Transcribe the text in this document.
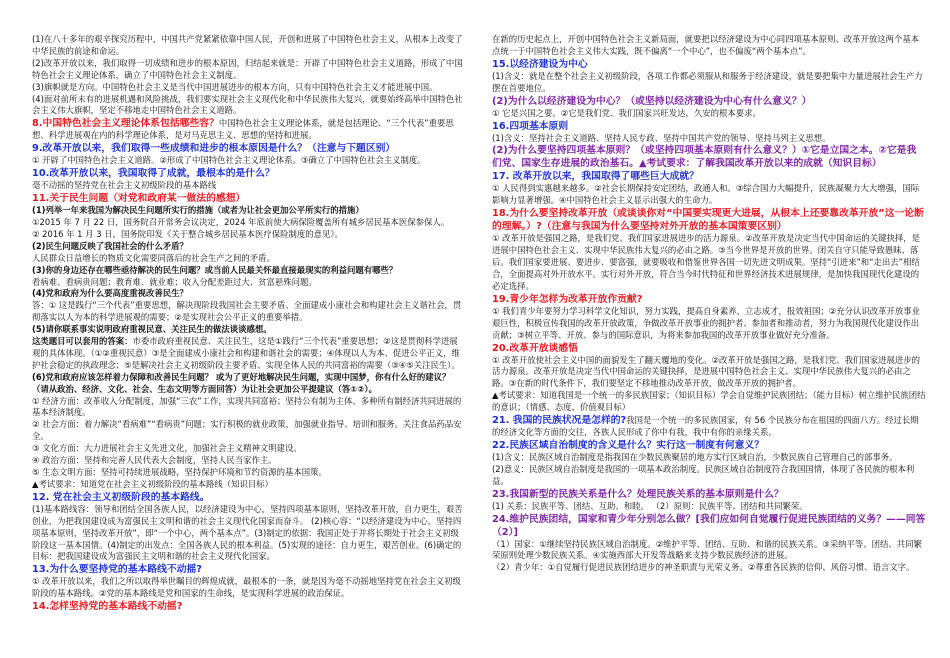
(1)在八十多年的艰辛探究历程中，中国共产党紧紧依靠中国人民，开创和进展了中国特色社会主义，从根本上改变了中华民族的前途和命运。

(2)改革开放以来，我们取得一切成绩和进步的根本原因，归结起来就是：开辟了中国特色社会主义道路，形成了中国特色社会主义理论体系，确立了中国特色社会主义制度。

(3)旗帜就是方向。中国特色社会主义是当代中国进展进步的根本方向，只有中国特色社会主义才能进展中国。

(4)面对前所未有的进展机遇和风险挑战，我们要实现社会主义现代化和中华民族伟大复兴，就要始终高举中国特色社会主义伟大旗帜，坚定不移地走中国特色社会主义道路。

8.中国特色社会主义理论体系包括哪些容？中国特色社会主义理论体系，就是包括理论、“三个代表”重要思想、科学进展观在内的科学理论体系，是对马克思主义、思想的坚持和进展。

9.改革开放以来，我们取得一些成绩和进步的根本原因是什么？（注意与下题区别）

① 开辟了中国特色社会主义道路。②形成了中国特色社会主义理论体系。③确立了中国特色社会主义制度。

10.改革开放以来，我国取得了成就，最根本的是什么？

毫不动摇的坚持党在社会主义初级阶段的基本路线

11.关于民生问题（对党和政府某一做法的感想）

(1)列举一年来我国为解决民生问题所实行的措施（或者为让社会更加公平所实行的措施）

①2015 年 7 月 22 日，国务院召开常务会议决定，2024 年底前使大病保险覆盖所有城乡居民基本医保参保人。

② 2016 年 1 月 3 日，国务院印发《关于整合城乡居民基本医疗保险制度的意见》。

(2)民生问题反映了我国社会的什么矛盾？

人民群众日益增长的物质文化需要同落后的社会生产之间的矛盾。

(3)你的身边还存在哪些亟待解决的民生问题？或当前人民最关怀最直接最现实的利益问题有哪些？

看病难、看病贵问题；教育难、就业难；收入分配差距过大、贫富悬殊问题。

(4)党和政府为什么要高度重视改善民生？

答：① 这是践行“三个代表”重要思想，解决现阶段我国社会主要矛盾、全面建成小康社会和构建社会主义谐社会，贯彻落实以人为本的科学进展观的需要；②是实现社会公平正义的重要举措。

(5)请你联系事实说明政府重视民意、关注民生的做法谈谈感想。

这类题目可以套用的答案：市委市政府重视民意、关注民生，这是①践行“三个代表”重要思想；②这是贯彻科学进展观的具体体现。（①②重视民意）③是全面建成小康社会和构建和谐社会的需要；④体现以人为本、促进公平正义，维护社会稳定的执政理念；⑤是解决社会主义初级阶段主要矛盾、实现全体人民的共同富裕的需要（③④⑤关注民生）。

(6)党和政府应该怎样着力保障和改善民生问题？ 或为了更好地解决民生问题，实现中国梦，你有什么好的建议？ （请从政治、经济、文化、社会、生态文明等方面回答）为让社会更加公平提建议（答①②）。

① 经济方面：改革收入分配制度，加强“三农”工作，实现共同富裕；坚持公有制为主体、多种所有制经济共同进展的基本经济制度。

② 社会方面：着力解决“看病难”“看病贵”问题；实行积极的就业政策，加强就业指导、培训和服务。关注食品药品安全。

③ 文化方面：大力进展社会主义先进文化，加强社会主义精神文明建设。

④ 政治方面：坚持和完善人民代表大会制度，坚持人民当家作主。

⑤ 生态文明方面：坚持可持续进展战略，坚持保护环境和节约资源的基本国策。

▲考试要求：知道党在社会主义初级阶段的基本路线（知识目标）

12. 党在社会主义初级阶段的基本路线。

(1)基本路线容：领导和团结全国各族人民，以经济建设为中心，坚持四项基本原则，坚持改革开放，自力更生，艰苦创业，为把我国建设成为富强民主文明和谐的社会主义现代化国家而奋斗。 (2)核心容：“以经济建设为中心，坚持四项基本原则，坚持改革开放”，即“一个中心，两个基本点”。(3)制定的依据：我国正处于并将长期处于社会主义初级阶段这一基本国情。(4)制定的出发点：全国各族人民的根本利益。(5)实现的途径：自力更生，艰苦创业。(6)确定的目标：把我国建设成为富强民主文明和谐的社会主义现代化国家。

13.为什么要坚持党的基本路线不动摇?

① 改革开放以来，我们之所以取得举世瞩目的辉煌成就，最根本的一条，就是因为毫不动摇地坚持党在社会主义初级阶段的基本路线。②党的基本路线是党和国家的生命线，是实现科学进展的政治保证。

14.怎样坚持党的基本路线不动摇?

在新的历史起点上，开创中国特色社会主义新局面，就要把以经济建设为中心同四项基本原则、改革开放这两个基本点统一于中国特色社会主义伟大实践，既不偏离“一个中心”，也不偏废“两个基本点”。

15.以经济建设为中心

(1)含义：就是在整个社会主义初级阶段，各项工作都必须服从和服务于经济建设，就是要把集中力量进展社会生产力摆在首要地位。

(2)为什么以经济建设为中心？（或坚持以经济建设为中心有什么意义？）

① 它是兴国之要。②它是我们党、我们国家兴旺发达，久安的根本要求。

16.四项基本原则

(1)含义：坚持社会主义道路、坚持人民专政、坚持中国共产党的领导、坚持马列主义思想。

(2)为什么要坚持四项基本原则？（或坚持四项基本原则有什么意义？）①它是立国之本。②它是我们党、国家生存进展的政治基石。▲考试要求：了解我国改革开放以来的成就（知识目标）

17. 改革开放以来，我国取得了哪些巨大成就？

① 人民得到实惠越来越多。②社会长期保持安定团结，政通人和。③综合国力大幅提升，民族凝聚力大大增强，国际影响力显著增强。④中国特色社会主义显示出强大的生命力。

18.为什么要坚持改革开放（或谈谈你对“中国要实现更大进展，从根本上还要靠改革开放”这一论断的理解。）?（注意与我国为什么要坚持对外开放的基本国策要区别）

① 改革开放是强国之路，是我们党、我们国家进展进步的活力源泉。②改革开放是决定当代中国命运的关键抉择，是进展中国特色社会主义、实现中华民族伟大复兴的必由之路。③当今世界是开放的世界。闭关自守只能导致愚昧、落后。我们国家要进展、要进步、要富强，就要吸收和借鉴世界各国一切先进文明成果。坚持“引进来”和“走出去”相结合，全面提高对外开放水平。实行对外开放，符合当今时代特征和世界经济技术进展规律，是加快我国现代化建设的必定选择。

19.青少年怎样为改革开放作贡献?

① 我们青少年要努力学习科学文化知识，努力实践，提高自身素养，立志成才，报效祖国；②充分认识改革开放事业艰巨性，积极宣传我国的改革开放政策，争做改革开放事业的拥护者、参加者和推动者，努力为我国现代化建设作出贡献；③树立平等、开放、参与的国际意识，为将来参加我国的改革开放事业做好充分准备。

20.改革开放谈感悟

① 改革开放使社会主义中国的面貌发生了翻天覆地的变化。②改革开放是强国之路，是我们党、我们国家进展进步的活力源泉。改革开放是决定当代中国命运的关键抉择，是进展中国特色社会主义、实现中华民族伟大复兴的必由之路。③在新的时代条件下，我们要坚定不移地推动改革开放，做改革开放的拥护者。

▲考试要求：知道我国是一个统一的多民族国家；（知识目标）学会自觉维护民族团结；（能力目标）树立维护民族团结的意识；（情感、态度、价值观目标）

21. 我国的民族状况是怎样的?我国是一个统一的多民族国家，有 56 个民族分布在祖国的四面八方。经过长期的经济文化等方面的交往，各族人民形成了你中有我，我中有你的亲缘关系。

22.民族区域自治制度的含义是什么？实行这一制度有何意义？

(1)含义：民族区域自治制度是指我国在少数民族聚居的地方实行区域自治，少数民族自己管理自己的部事务。

(2)意义：民族区域自治制度是我国的一项基本政治制度。民族区域自治制度符合我国国情，体现了各民族的根本利益。

23.我国新型的民族关系是什么？处理民族关系的基本原则是什么？

(1) 关系：民族平等、团结、互助、和睦。 （2）原则：民族平等、团结和共同繁荣。

24.维护民族团结，国家和青少年分别怎么做？[我们应如何自觉履行促进民族团结的义务？——同答（2）]

（1）国家：①继续坚持民族区域自治制度。②维护平等、团结、互助、和谐的民族关系。③采纳平等、团结、共同繁荣原则处理少数民族关系。④实施西部大开发等战略来支持少数民族经济的进展。

（2）青少年：①自觉履行促进民族团结进步的神圣职责与光荣义务。②尊重各民族的信仰、风俗习惯、语言文字。
